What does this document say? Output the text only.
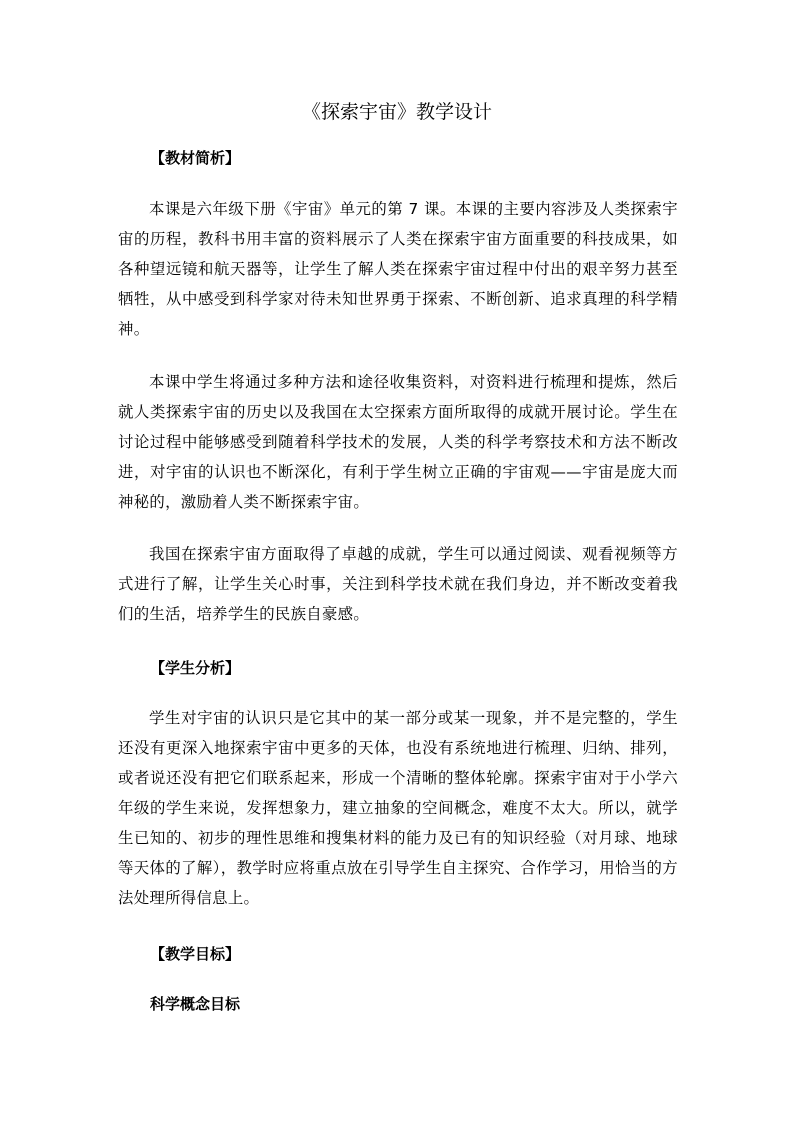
《探索宇宙》教学设计
【教材简析】

本课是六年级下册《宇宙》单元的第 7 课。本课的主要内容涉及人类探索宇宙的历程，教科书用丰富的资料展示了人类在探索宇宙方面重要的科技成果，如各种望远镜和航天器等，让学生了解人类在探索宇宙过程中付出的艰辛努力甚至牺牲，从中感受到科学家对待未知世界勇于探索、不断创新、追求真理的科学精神。

本课中学生将通过多种方法和途径收集资料，对资料进行梳理和提炼，然后就人类探索宇宙的历史以及我国在太空探索方面所取得的成就开展讨论。学生在讨论过程中能够感受到随着科学技术的发展，人类的科学考察技术和方法不断改进，对宇宙的认识也不断深化，有利于学生树立正确的宇宙观——宇宙是庞大而神秘的，激励着人类不断探索宇宙。

我国在探索宇宙方面取得了卓越的成就，学生可以通过阅读、观看视频等方式进行了解，让学生关心时事，关注到科学技术就在我们身边，并不断改变着我们的生活，培养学生的民族自豪感。

【学生分析】

学生对宇宙的认识只是它其中的某一部分或某一现象，并不是完整的，学生还没有更深入地探索宇宙中更多的天体，也没有系统地进行梳理、归纳、排列，或者说还没有把它们联系起来，形成一个清晰的整体轮廓。探索宇宙对于小学六年级的学生来说，发挥想象力，建立抽象的空间概念，难度不太大。所以，就学生已知的、初步的理性思维和搜集材料的能力及已有的知识经验（对月球、地球等天体的了解），教学时应将重点放在引导学生自主探究、合作学习，用恰当的方法处理所得信息上。

【教学目标】
科学概念目标
